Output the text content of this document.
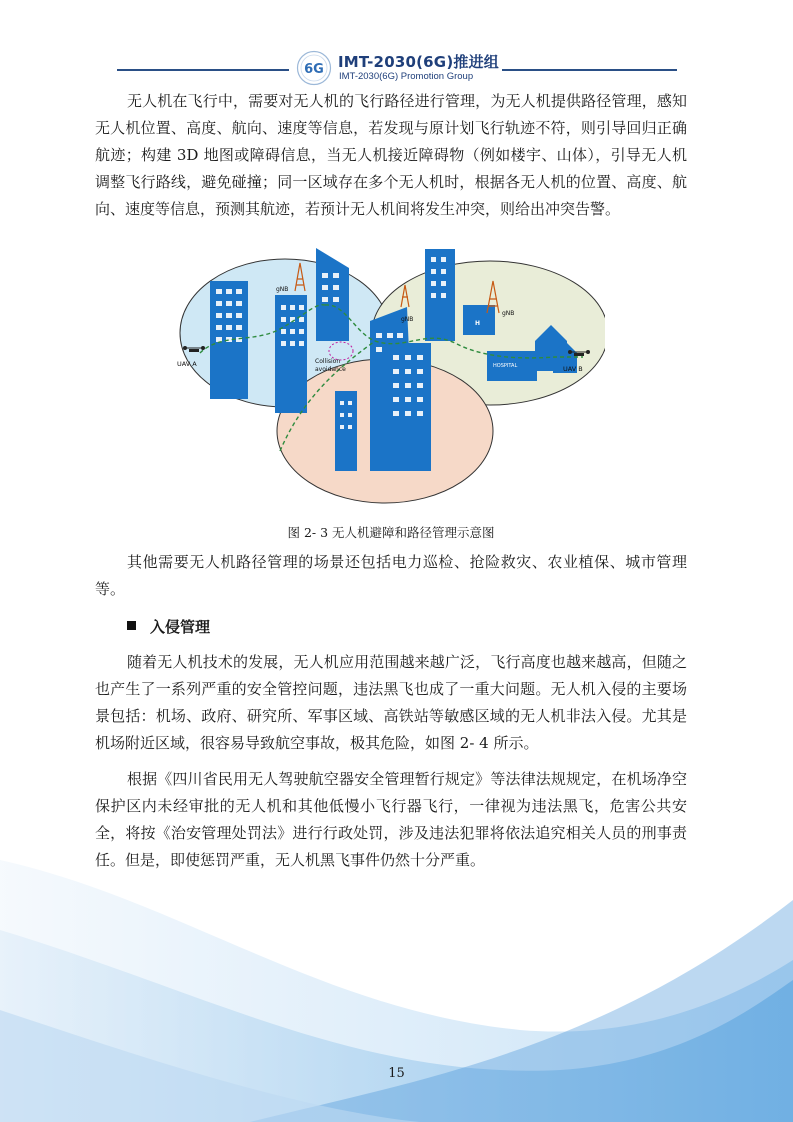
6G IMT-2030(6G)推进组
IMT-2030(6G) Promotion Group

无人机在飞行中，需要对无人机的飞行路径进行管理，为无人机提供路径管理，感知无人机位置、高度、航向、速度等信息，若发现与原计划飞行轨迹不符，则引导回归正确航迹；构建 3D 地图或障碍信息，当无人机接近障碍物（例如楼宇、山体），引导无人机调整飞行路线，避免碰撞；同一区域存在多个无人机时，根据各无人机的位置、高度、航向、速度等信息，预测其航迹，若预计无人机间将发生冲突，则给出冲突告警。

gNB
gNB
gNB
HOSPITAL
H
Collision
avoidance
UAV A
UAV B
图 2- 3 无人机避障和路径管理示意图

其他需要无人机路径管理的场景还包括电力巡检、抢险救灾、农业植保、城市管理等。

入侵管理

随着无人机技术的发展，无人机应用范围越来越广泛，飞行高度也越来越高，但随之也产生了一系列严重的安全管控问题，违法黑飞也成了一重大问题。无人机入侵的主要场景包括：机场、政府、研究所、军事区域、高铁站等敏感区域的无人机非法入侵。尤其是机场附近区域，很容易导致航空事故，极其危险，如图 2- 4 所示。

根据《四川省民用无人驾驶航空器安全管理暂行规定》等法律法规规定，在机场净空保护区内未经审批的无人机和其他低慢小飞行器飞行，一律视为违法黑飞，危害公共安全，将按《治安管理处罚法》进行行政处罚，涉及违法犯罪将依法追究相关人员的刑事责任。但是，即使惩罚严重，无人机黑飞事件仍然十分严重。

15
